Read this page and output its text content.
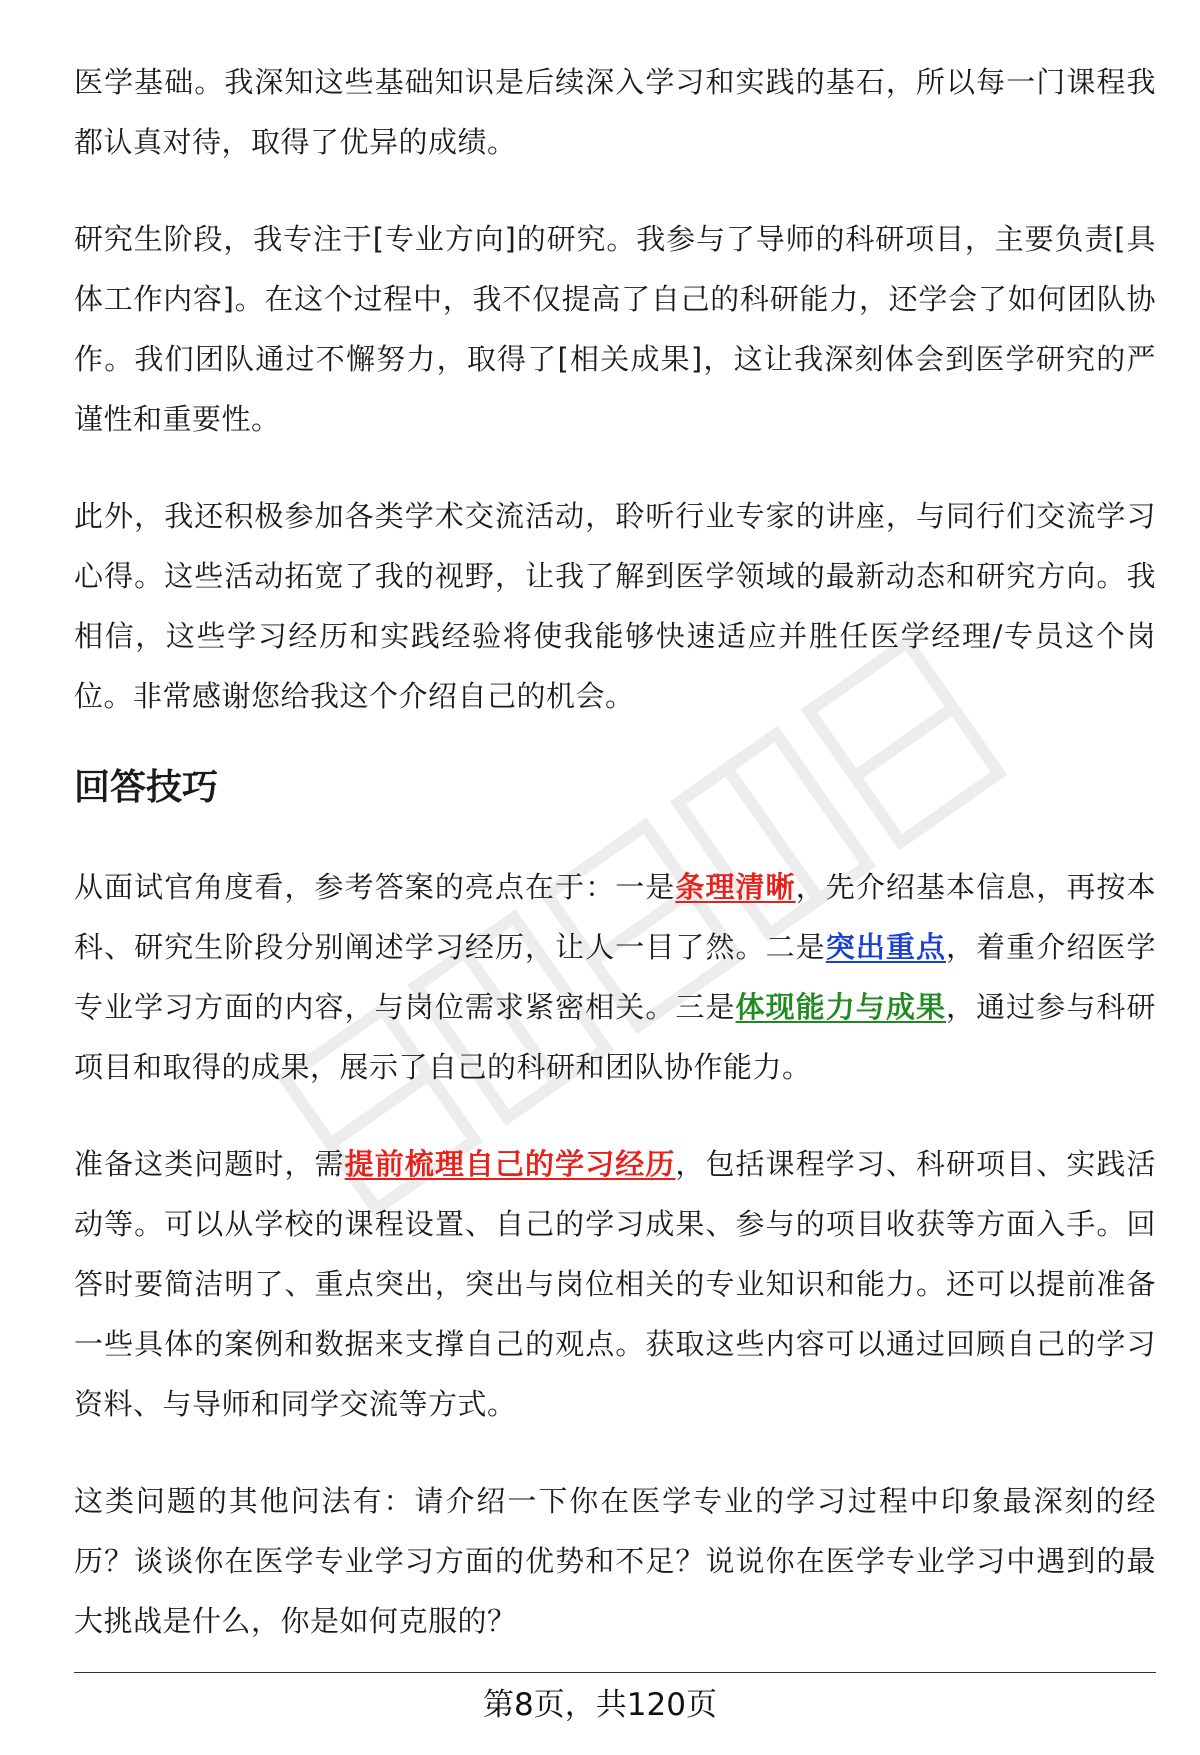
医学基础。我深知这些基础知识是后续深入学习和实践的基石，所以每一门课程我都认真对待，取得了优异的成绩。

研究生阶段，我专注于[专业方向]的研究。我参与了导师的科研项目，主要负责[具体工作内容]。在这个过程中，我不仅提高了自己的科研能力，还学会了如何团队协作。我们团队通过不懈努力，取得了[相关成果]，这让我深刻体会到医学研究的严谨性和重要性。

此外，我还积极参加各类学术交流活动，聆听行业专家的讲座，与同行们交流学习心得。这些活动拓宽了我的视野，让我了解到医学领域的最新动态和研究方向。我相信，这些学习经历和实践经验将使我能够快速适应并胜任医学经理/专员这个岗位。非常感谢您给我这个介绍自己的机会。

回答技巧

从面试官角度看，参考答案的亮点在于：一是条理清晰，先介绍基本信息，再按本科、研究生阶段分别阐述学习经历，让人一目了然。二是突出重点，着重介绍医学专业学习方面的内容，与岗位需求紧密相关。三是体现能力与成果，通过参与科研项目和取得的成果，展示了自己的科研和团队协作能力。

准备这类问题时，需提前梳理自己的学习经历，包括课程学习、科研项目、实践活动等。可以从学校的课程设置、自己的学习成果、参与的项目收获等方面入手。回答时要简洁明了、重点突出，突出与岗位相关的专业知识和能力。还可以提前准备一些具体的案例和数据来支撑自己的观点。获取这些内容可以通过回顾自己的学习资料、与导师和同学交流等方式。

这类问题的其他问法有：请介绍一下你在医学专业的学习过程中印象最深刻的经历？谈谈你在医学专业学习方面的优势和不足？说说你在医学专业学习中遇到的最大挑战是什么，你是如何克服的？

第8页，共120页
